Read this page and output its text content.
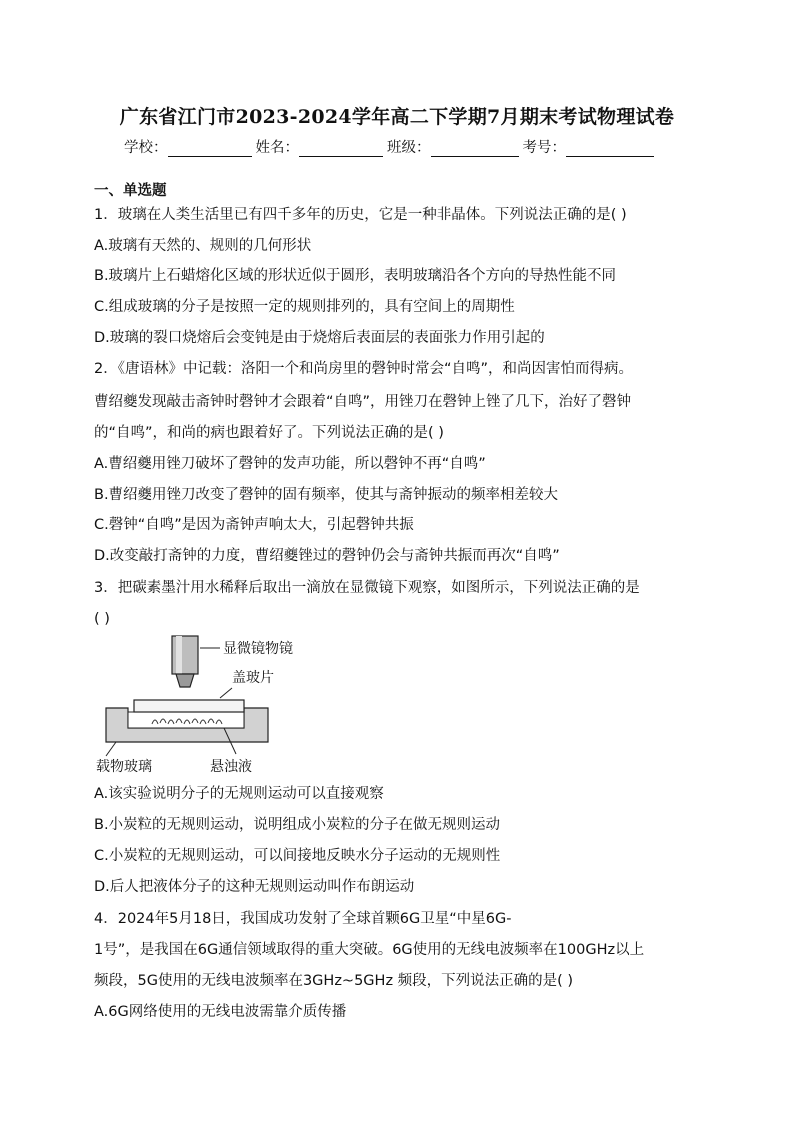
广东省江门市2023-2024学年高二下学期7月期末考试物理试卷
学校：	姓名：	班级：	考号：
一、单选题
1．玻璃在人类生活里已有四千多年的历史，它是一种非晶体。下列说法正确的是( )
A.玻璃有天然的、规则的几何形状
B.玻璃片上石蜡熔化区域的形状近似于圆形，表明玻璃沿各个方向的导热性能不同
C.组成玻璃的分子是按照一定的规则排列的，具有空间上的周期性
D.玻璃的裂口烧熔后会变钝是由于烧熔后表面层的表面张力作用引起的
2．《唐语林》中记载：洛阳一个和尚房里的磬钟时常会“自鸣”，和尚因害怕而得病。
曹绍夔发现敲击斋钟时磬钟才会跟着“自鸣”，用锉刀在磬钟上锉了几下，治好了磬钟
的“自鸣”，和尚的病也跟着好了。下列说法正确的是( )
A.曹绍夔用锉刀破坏了磬钟的发声功能，所以磬钟不再“自鸣”
B.曹绍夔用锉刀改变了磬钟的固有频率，使其与斋钟振动的频率相差较大
C.磬钟“自鸣”是因为斋钟声响太大，引起磬钟共振
D.改变敲打斋钟的力度，曹绍夔锉过的磬钟仍会与斋钟共振而再次“自鸣”
3．把碳素墨汁用水稀释后取出一滴放在显微镜下观察，如图所示，下列说法正确的是
( )
显微镜物镜
盖玻片
载物玻璃	悬浊液
A.该实验说明分子的无规则运动可以直接观察
B.小炭粒的无规则运动，说明组成小炭粒的分子在做无规则运动
C.小炭粒的无规则运动，可以间接地反映水分子运动的无规则性
D.后人把液体分子的这种无规则运动叫作布朗运动
4．2024年5月18日，我国成功发射了全球首颗6G卫星“中星6G-
1号”，是我国在6G通信领域取得的重大突破。6G使用的无线电波频率在100GHz以上
频段，5G使用的无线电波频率在3GHz~5GHz 频段，下列说法正确的是( )
A.6G网络使用的无线电波需靠介质传播
